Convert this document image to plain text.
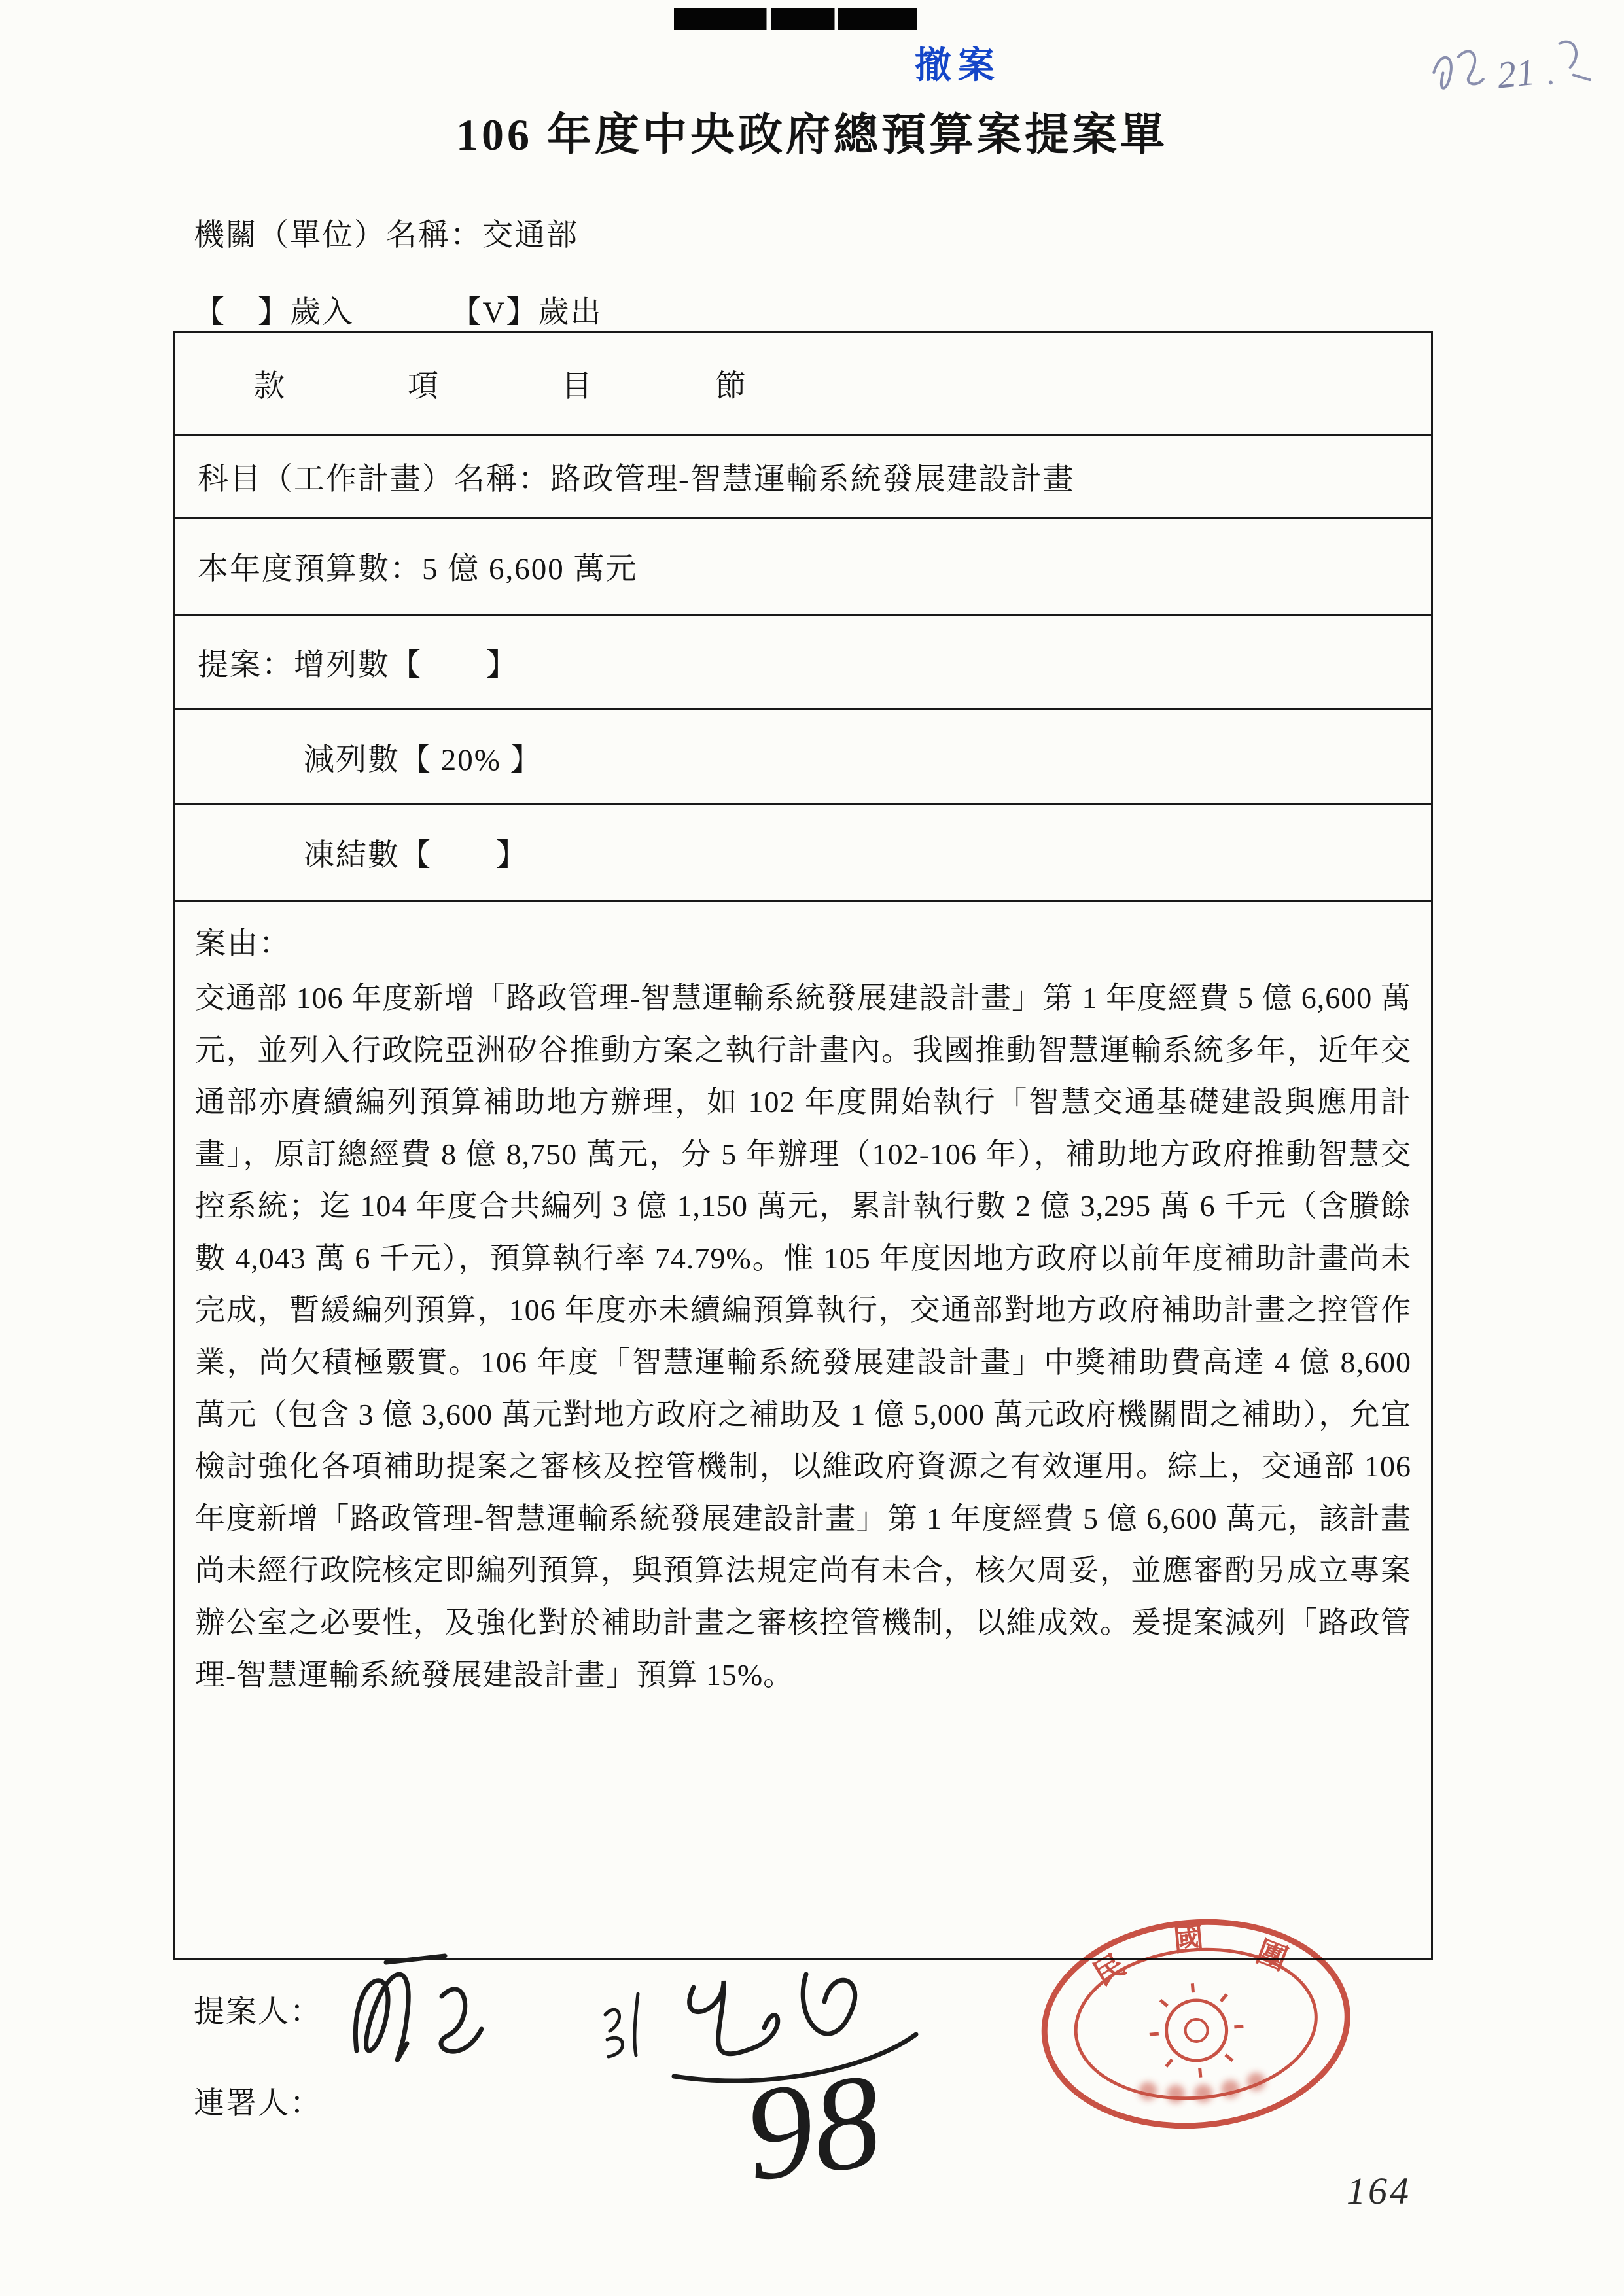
撤案	21
106 年度中央政府總預算案提案單
機關（單位）名稱：交通部
【　】歲入	【V】歲出
款	項	目	節
科目（工作計畫）名稱：路政管理-智慧運輸系統發展建設計畫
本年度預算數：5 億 6,600 萬元
提案：增列數【　　】
減列數【 20% 】
凍結數【　　】
案由：
交通部 106 年度新增「路政管理-智慧運輸系統發展建設計畫」第 1 年度經費 5 億 6,600 萬元，並列入行政院亞洲矽谷推動方案之執行計畫內。我國推動智慧運輸系統多年，近年交通部亦賡續編列預算補助地方辦理，如 102 年度開始執行「智慧交通基礎建設與應用計畫」，原訂總經費 8 億 8,750 萬元，分 5 年辦理（102-106 年），補助地方政府推動智慧交控系統；迄 104 年度合共編列 3 億 1,150 萬元，累計執行數 2 億 3,295 萬 6 千元（含賸餘數 4,043 萬 6 千元），預算執行率 74.79%。惟 105 年度因地方政府以前年度補助計畫尚未完成，暫緩編列預算，106 年度亦未續編預算執行，交通部對地方政府補助計畫之控管作業，尚欠積極覈實。106 年度「智慧運輸系統發展建設計畫」中獎補助費高達 4 億 8,600 萬元（包含 3 億 3,600 萬元對地方政府之補助及 1 億 5,000 萬元政府機關間之補助），允宜檢討強化各項補助提案之審核及控管機制，以維政府資源之有效運用。綜上，交通部 106 年度新增「路政管理-智慧運輸系統發展建設計畫」第 1 年度經費 5 億 6,600 萬元，該計畫尚未經行政院核定即編列預算，與預算法規定尚有未合，核欠周妥，並應審酌另成立專案辦公室之必要性，及強化對於補助計畫之審核控管機制，以維成效。爰提案減列「路政管理-智慧運輸系統發展建設計畫」預算 15%。
提案人：
連署人：	98
民
國 團
164
